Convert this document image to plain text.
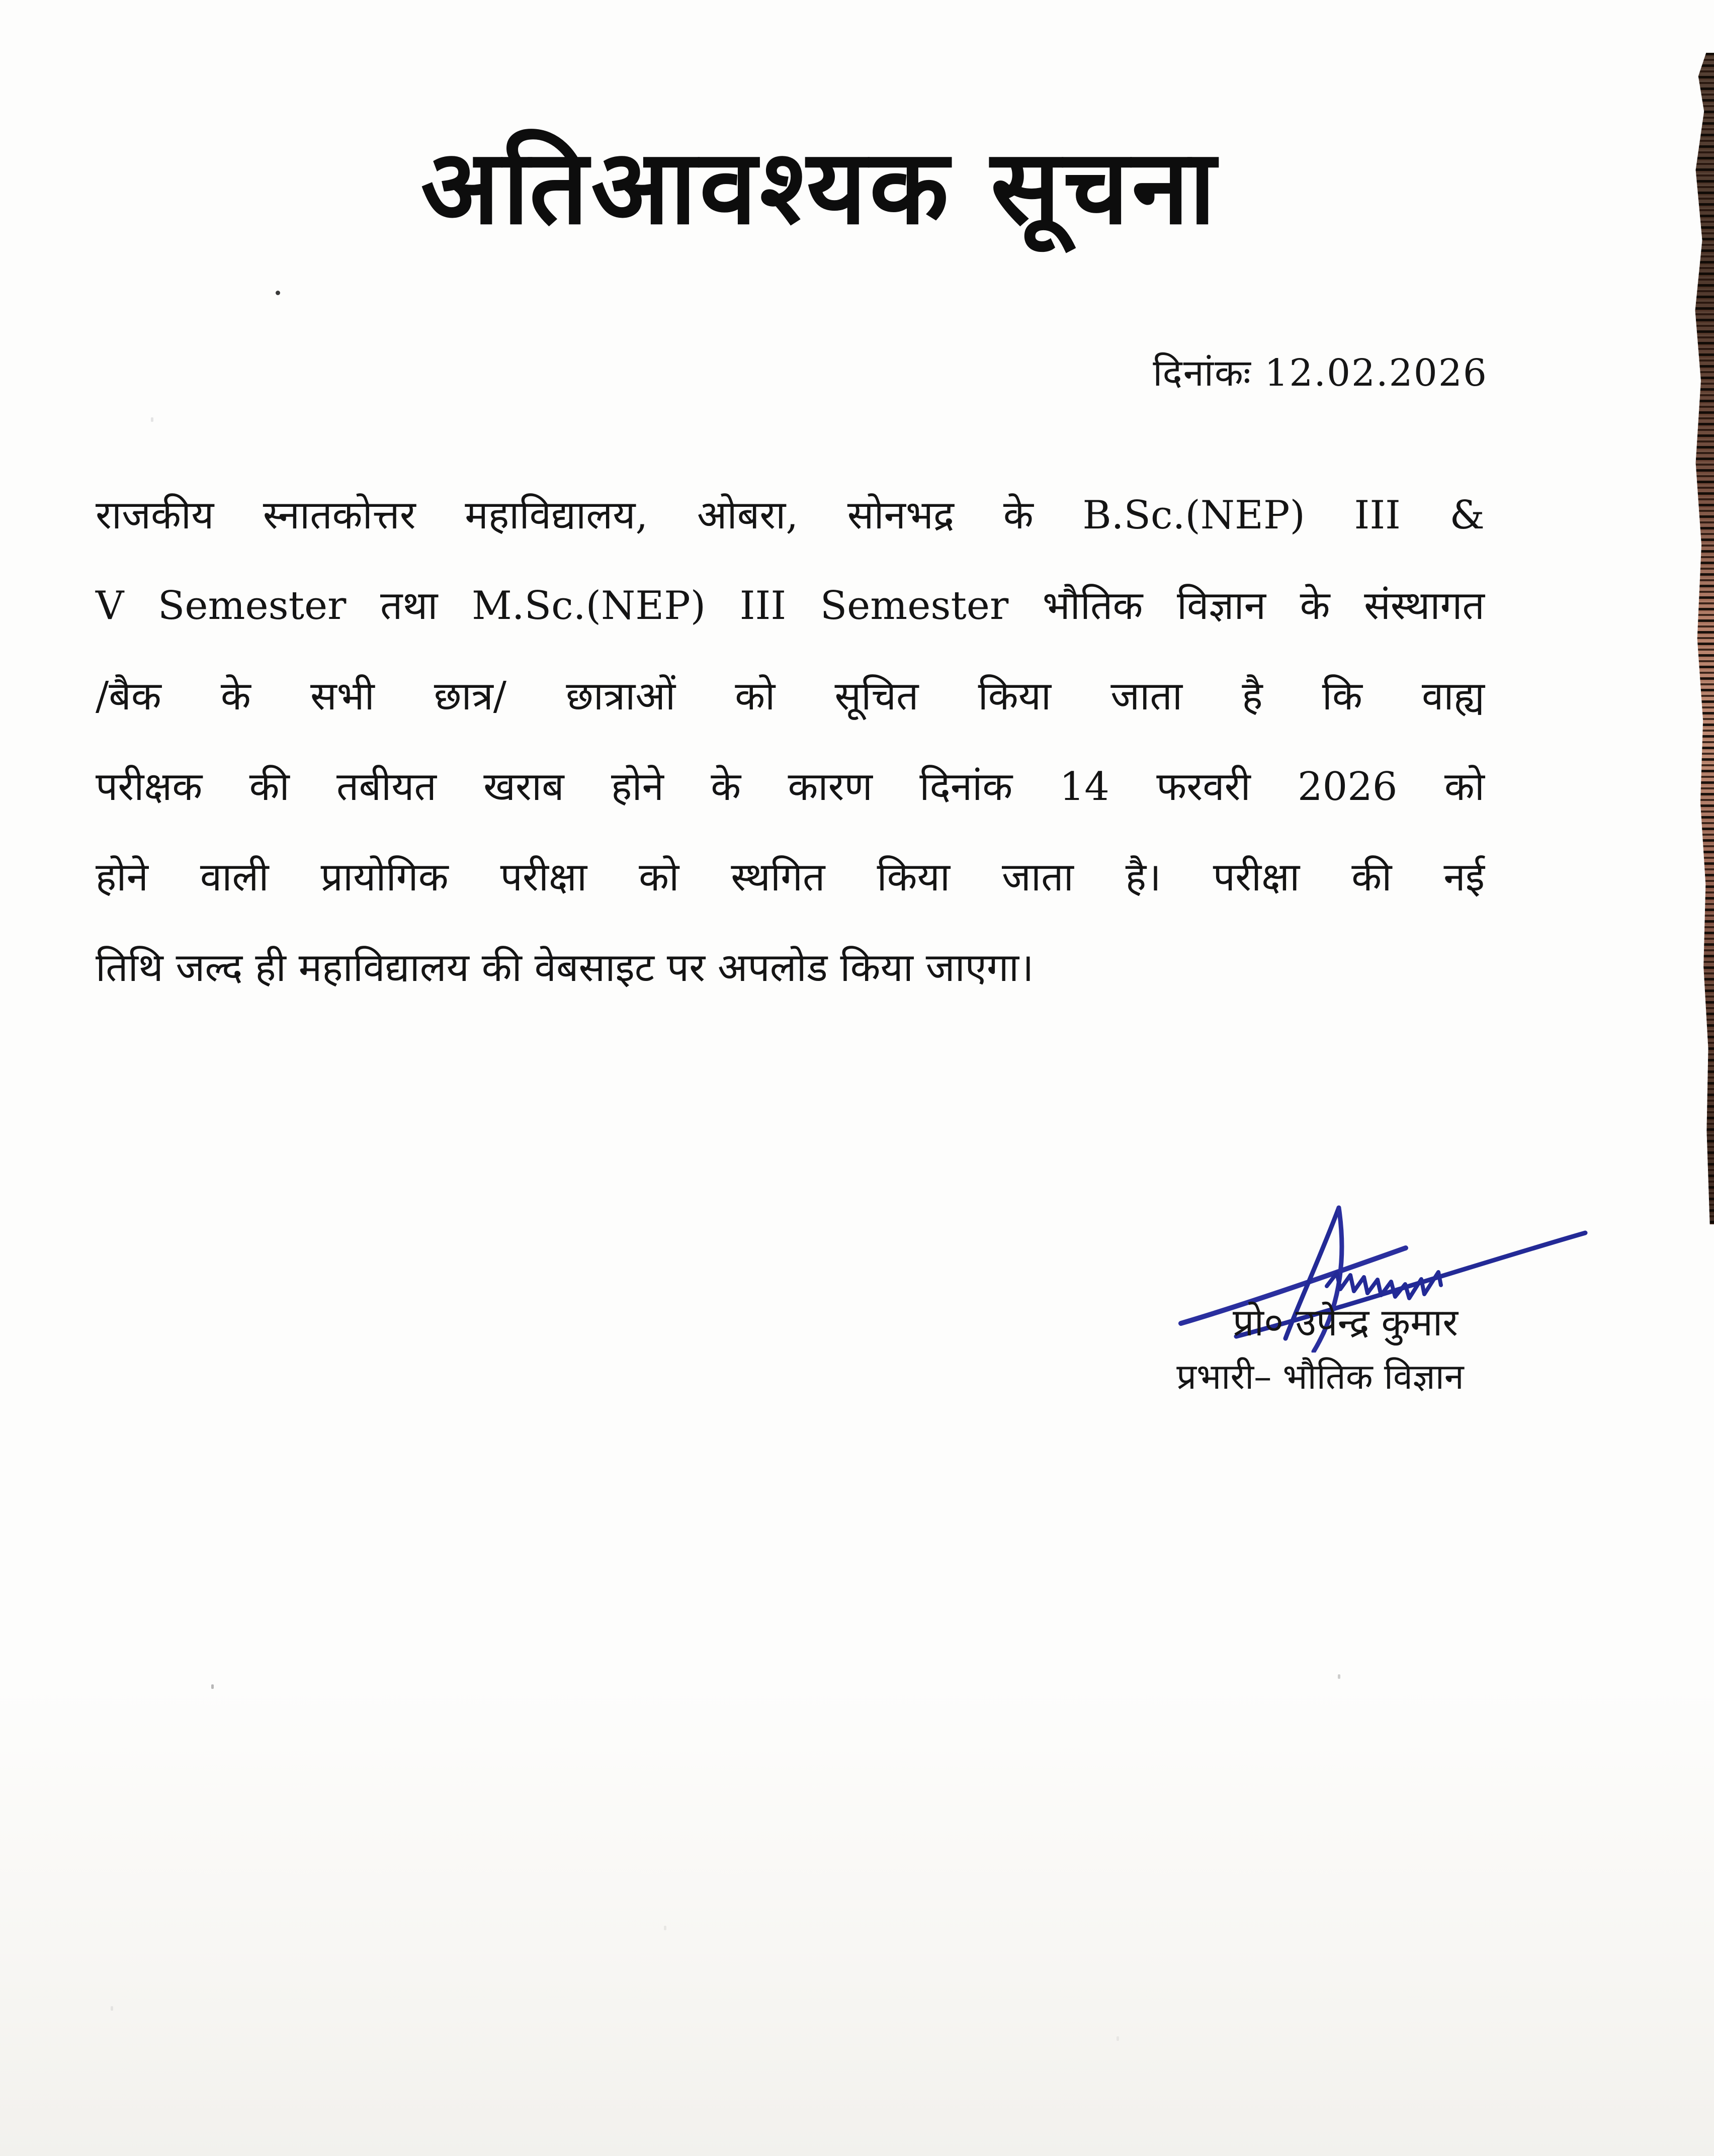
अतिआवश्यक सूचना
दिनांकः 12.02.2026
राजकीय स्नातकोत्तर महाविद्यालय, ओबरा, सोनभद्र के B.Sc.(NEP) III &
V Semester तथा M.Sc.(NEP) III Semester भौतिक विज्ञान के संस्थागत
/बैक के सभी छात्र/ छात्राओं को सूचित किया जाता है कि वाह्य
परीक्षक की तबीयत खराब होने के कारण दिनांक 14 फरवरी 2026 को
होने वाली प्रायोगिक परीक्षा को स्थगित किया जाता है। परीक्षा की नई
तिथि जल्द ही महाविद्यालय की वेबसाइट पर अपलोड किया जाएगा।
प्रो० उपेन्द्र कुमार
प्रभारी– भौतिक विज्ञान
